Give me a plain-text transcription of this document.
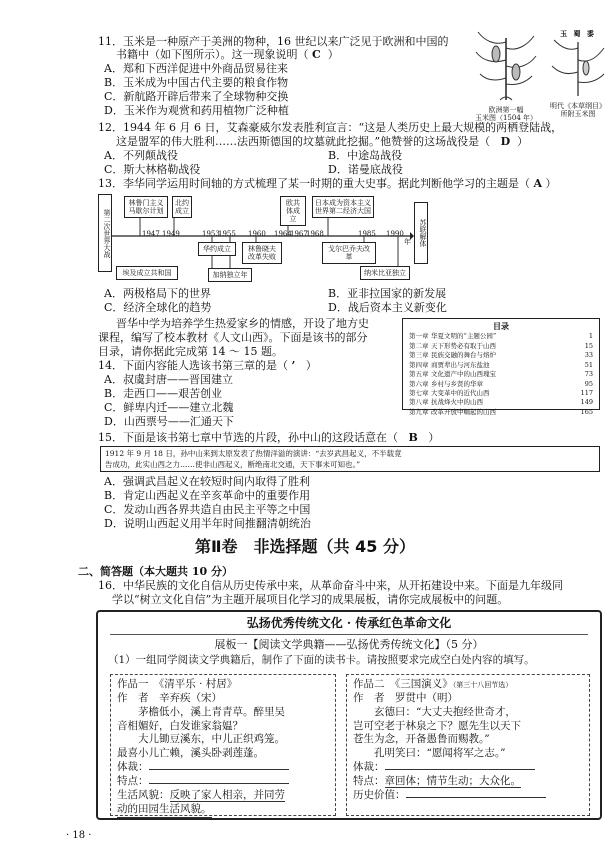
11．玉米是一种原产于美洲的物种，16 世纪以来广泛见于欧洲和中国的
书籍中（如下图所示）。这一现象说明（ C ）
A．郑和下西洋促进中外商品贸易往来
B．玉米成为中国古代主要的粮食作物
C．新航路开辟后带来了全球物种交换
D．玉米作为观赏和药用植物广泛种植	欧洲第一幅
玉米图（1504 年）
玉 蜀 黍
明代《本草纲目》
所附玉米图
12．1944 年 6 月 6 日，艾森豪威尔发表胜利宣言：“这是人类历史上最大规模的两栖登陆战，
这是盟军的伟大胜利……法西斯德国的坟墓就此挖掘。”他赞誉的这场战役是（ D ）
A．不列颠战役	B．中途岛战役
C．斯大林格勒战役	D．诺曼底战役
13．李华同学运用时间轴的方式梳理了某一时期的重大史事。据此判断他学习的主题是（ A ）
第二次世界大战	苏联解体
林鲁门主义马歇尔计划
北约成立
欧共体成立
日本成为资本主义世界第二经济大国
1947 1949	1953
1955 1960 1964
1967
1968	1985 1990
年
华约成立	林鲁晓夫改革失败
戈尔巴乔夫改革
纳米比亚独立
埃及成立共和国	加纳独立年
A．两极格局下的世界	B．亚非拉国家的新发展
C．经济全球化的趋势	D．战后资本主义新变化
晋华中学为培养学生热爱家乡的情感，开设了地方史
课程，编写了校本教材《人文山西》。下面是该书的部分
目录，请你据此完成第 14 ～ 15 题。
目录
第一章 华夏文明的“主题公园”	1
第二章 天下形势必有取于山西	15
第三章 民族交融的舞台与熔炉	33
第四章 商贾辈出与河东盐池	51
第五章 文化遗产中的山西瑰宝	73
第六章 乡村与乡贤的华章	95
第七章 大变革中的近代山西	117
第八章 抗战烽火中的山西	149
第九章 改革开放中崛起的山西	165
14．下面内容能人选该书第三章的是（ ’ ）
A．叔虞封唐——晋国建立
B．走西口——艰苦创业
C．鲜卑内迁——建立北魏
D．山西票号——汇通天下
15．下面是该书第七章中节选的片段，孙中山的这段话意在（ B ）
1912 年 9 月 18 日，孙中山来到太原发表了热情洋溢的演讲：“去岁武昌起义，不半载竟
告成功，此实山西之力……使非山西起义，断绝南北交通，天下事未可知也。”
A．强调武昌起义在较短时间内取得了胜利
B．肯定山西起义在辛亥革命中的重要作用
C．发动山西各界共造自由民主平等之中国
D．说明山西起义用半年时间推翻清朝统治
第Ⅱ卷　非选择题（共 45 分）
二、简答题（本大题共 10 分）
16．中华民族的文化自信从历史传承中来，从革命奋斗中来，从开拓建设中来。下面是九年级同
学以“树立文化自信”为主题开展项目化学习的成果展板，请你完成展板中的问题。
弘扬优秀传统文化 · 传承红色革命文化
展板一【阅读文学典籍——弘扬优秀传统文化】（5 分）
（1）一组同学阅读文学典籍后，制作了下面的读书卡。请按照要求完成空白处内容的填写。
作品一　《清平乐 · 村居》
作　者　辛弃疾（宋）
　　茅檐低小，溪上青青草。醉里吴
音相媚好，白发谁家翁媪？
　　大儿锄豆溪东，中儿正织鸡笼。
最喜小儿亡赖，溪头卧剥莲蓬。
体裁：
特点：
生活风貌：反映了家人相亲，并同劳
动的田园生活风貌。
作品二　《三国演义》（第三十八回节选）
作　者　罗贯中（明）
　　玄德曰：“大丈夫抱经世奇才，
岂可空老于林泉之下？愿先生以天下
苍生为念，开备愚鲁而赐教。”
　　孔明笑曰：“愿闻将军之志。”
体裁：
特点：章回体；情节生动；大众化。
历史价值：
· 18 ·
